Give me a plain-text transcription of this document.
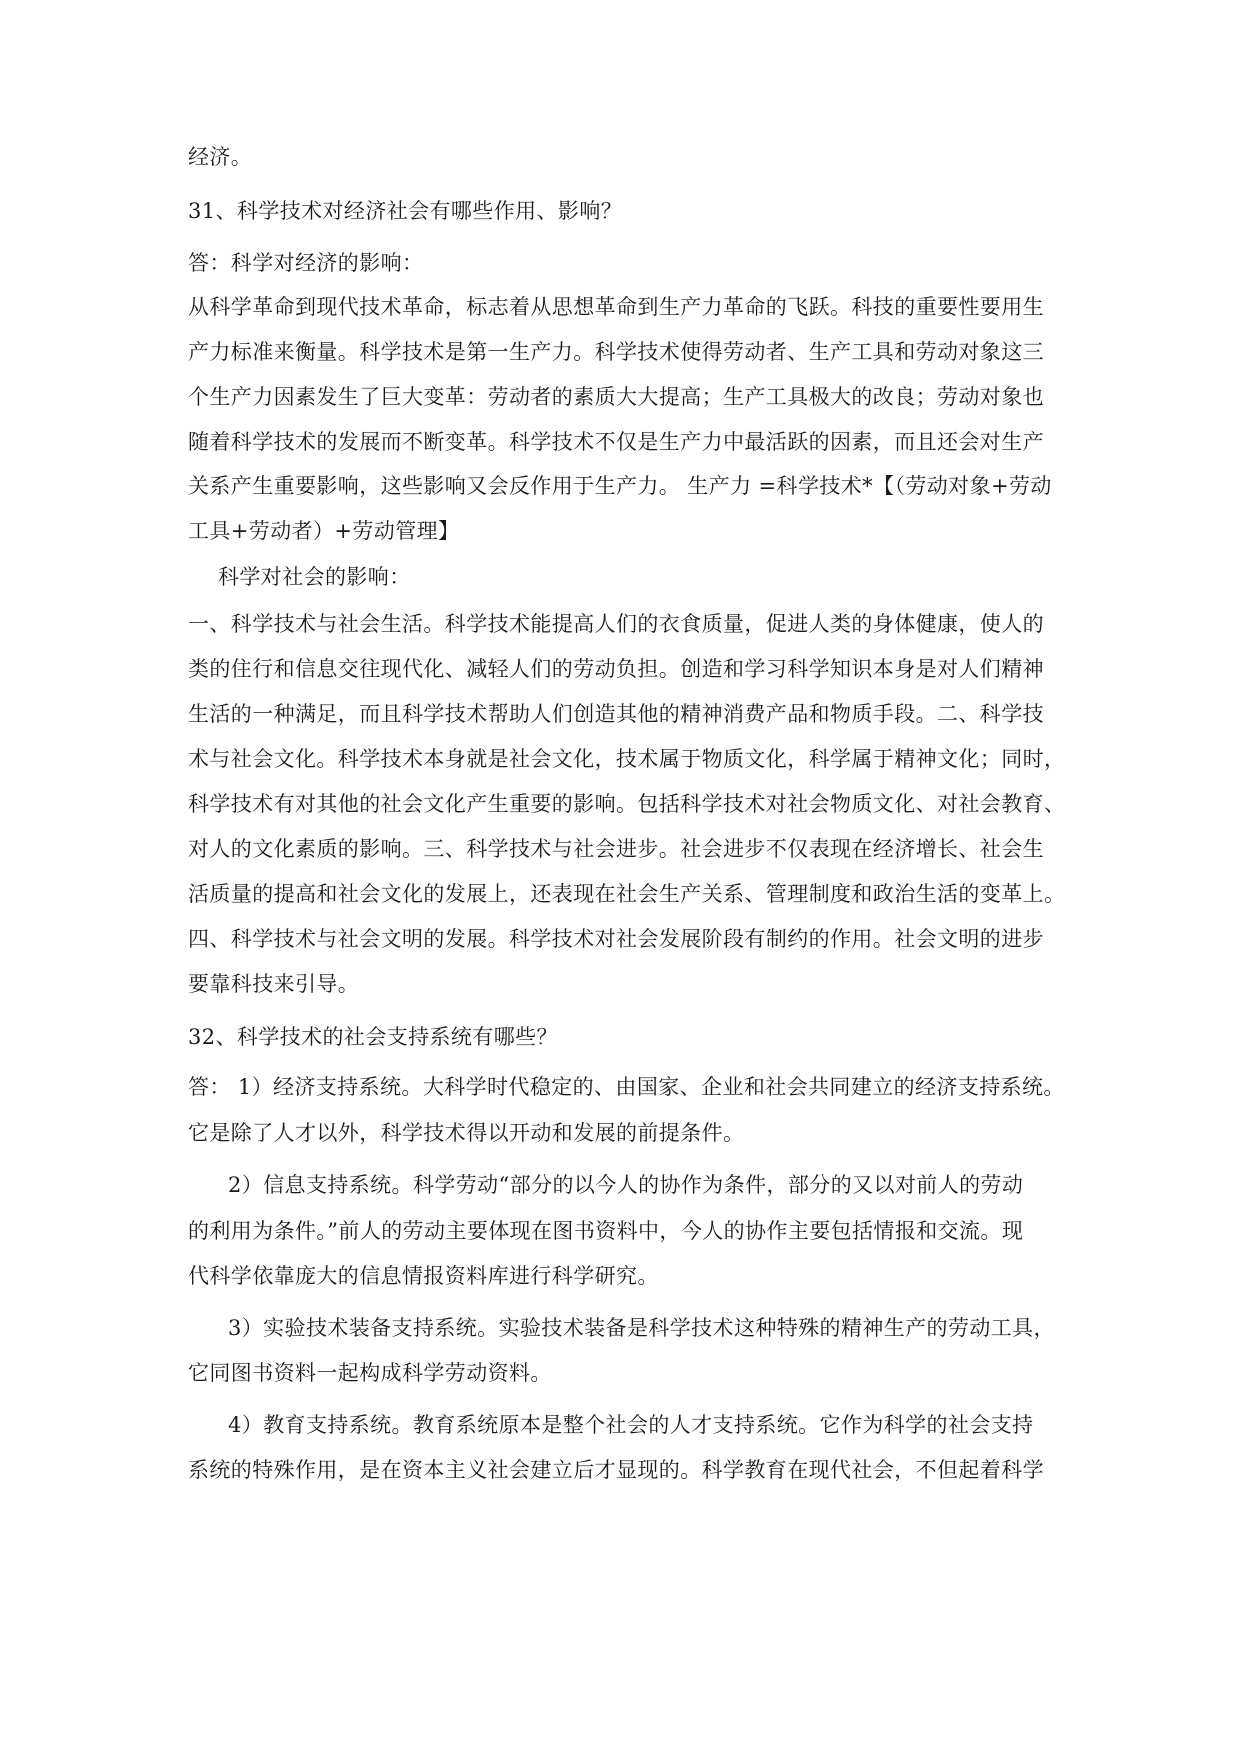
经济。
31、科学技术对经济社会有哪些作用、影响？
答：科学对经济的影响：
从科学革命到现代技术革命，标志着从思想革命到生产力革命的飞跃。科技的重要性要用生
产力标准来衡量。科学技术是第一生产力。科学技术使得劳动者、生产工具和劳动对象这三
个生产力因素发生了巨大变革：劳动者的素质大大提高；生产工具极大的改良；劳动对象也
随着科学技术的发展而不断变革。科学技术不仅是生产力中最活跃的因素，而且还会对生产
关系产生重要影响，这些影响又会反作用于生产力。 生产力 =科学技术*【（劳动对象+劳动
工具+劳动者）+劳动管理】
科学对社会的影响：
一、科学技术与社会生活。科学技术能提高人们的衣食质量，促进人类的身体健康，使人的
类的住行和信息交往现代化、减轻人们的劳动负担。创造和学习科学知识本身是对人们精神
生活的一种满足，而且科学技术帮助人们创造其他的精神消费产品和物质手段。二、科学技
术与社会文化。科学技术本身就是社会文化，技术属于物质文化，科学属于精神文化；同时，
科学技术有对其他的社会文化产生重要的影响。包括科学技术对社会物质文化、对社会教育、
对人的文化素质的影响。三、科学技术与社会进步。社会进步不仅表现在经济增长、社会生
活质量的提高和社会文化的发展上，还表现在社会生产关系、管理制度和政治生活的变革上。
四、科学技术与社会文明的发展。科学技术对社会发展阶段有制约的作用。社会文明的进步
要靠科技来引导。
32、科学技术的社会支持系统有哪些？
答： 1）经济支持系统。大科学时代稳定的、由国家、企业和社会共同建立的经济支持系统。
它是除了人才以外，科学技术得以开动和发展的前提条件。
2）信息支持系统。科学劳动“部分的以今人的协作为条件，部分的又以对前人的劳动
的利用为条件。”前人的劳动主要体现在图书资料中，今人的协作主要包括情报和交流。现
代科学依靠庞大的信息情报资料库进行科学研究。
3）实验技术装备支持系统。实验技术装备是科学技术这种特殊的精神生产的劳动工具，
它同图书资料一起构成科学劳动资料。
4）教育支持系统。教育系统原本是整个社会的人才支持系统。它作为科学的社会支持
系统的特殊作用，是在资本主义社会建立后才显现的。科学教育在现代社会，不但起着科学
